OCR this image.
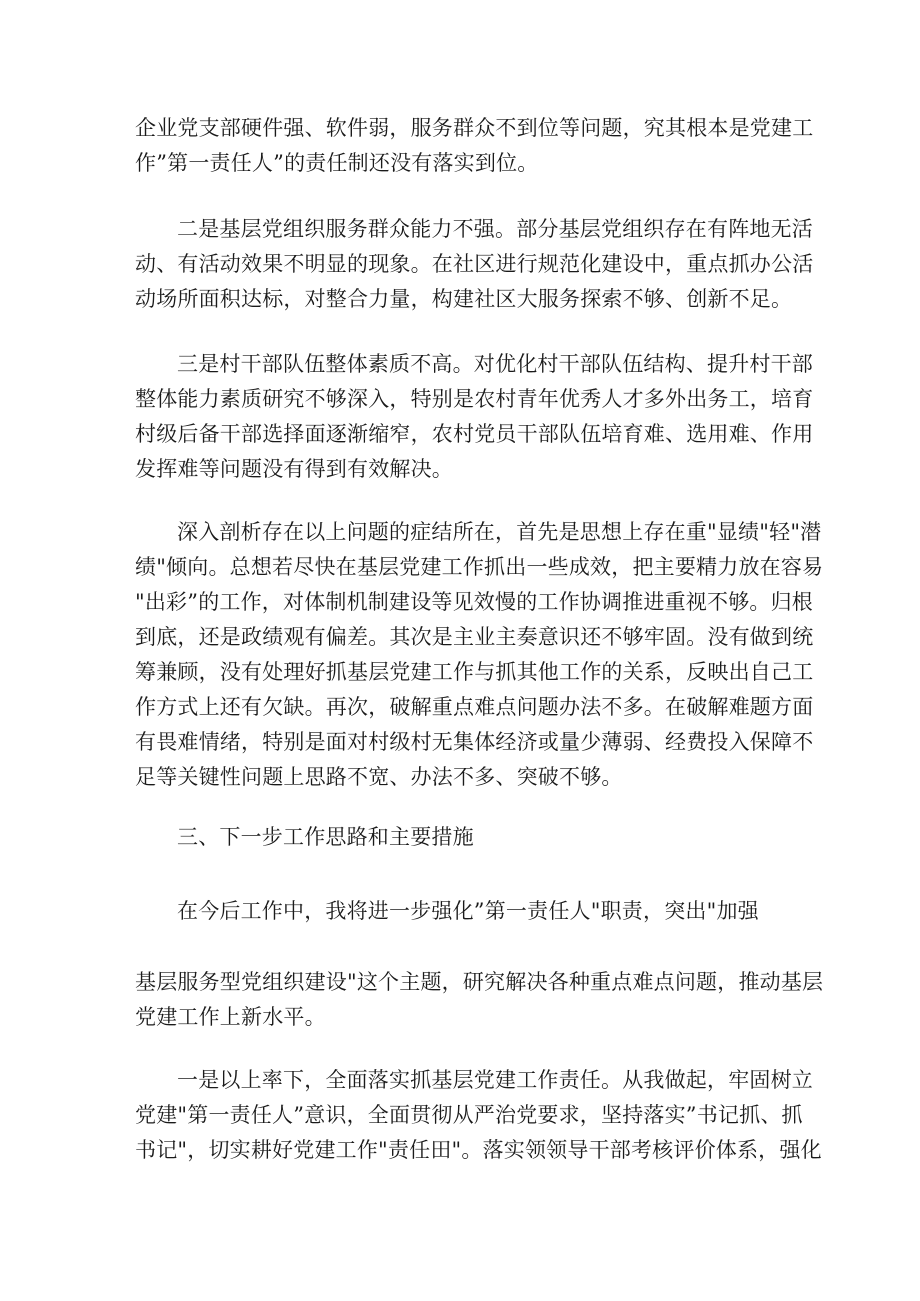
企业党支部硬件强、软件弱，服务群众不到位等问题，究其根本是党建工
作”第一责任人”的责任制还没有落实到位。

二是基层党组织服务群众能力不强。部分基层党组织存在有阵地无活
动、有活动效果不明显的现象。在社区进行规范化建设中，重点抓办公活
动场所面积达标，对整合力量，构建社区大服务探索不够、创新不足。

三是村干部队伍整体素质不高。对优化村干部队伍结构、提升村干部
整体能力素质研究不够深入，特别是农村青年优秀人才多外出务工，培育
村级后备干部选择面逐渐缩窄，农村党员干部队伍培育难、选用难、作用
发挥难等问题没有得到有效解决。

深入剖析存在以上问题的症结所在，首先是思想上存在重"显绩"轻"潜
绩"倾向。总想若尽快在基层党建工作抓出一些成效，把主要精力放在容易
"出彩”的工作，对体制机制建设等见效慢的工作协调推进重视不够。归根
到底，还是政绩观有偏差。其次是主业主奏意识还不够牢固。没有做到统
筹兼顾，没有处理好抓基层党建工作与抓其他工作的关系，反映出自己工
作方式上还有欠缺。再次，破解重点难点问题办法不多。在破解难题方面
有畏难情绪，特别是面对村级村无集体经济或量少薄弱、经费投入保障不
足等关键性问题上思路不宽、办法不多、突破不够。

三、下一步工作思路和主要措施

在今后工作中，我将进一步强化”第一责任人"职责，突出"加强

基层服务型党组织建设"这个主题，研究解决各种重点难点问题，推动基层
党建工作上新水平。

一是以上率下，全面落实抓基层党建工作责任。从我做起，牢固树立
党建"第一责任人”意识，全面贯彻从严治党要求，坚持落实”书记抓、抓
书记"，切实耕好党建工作"责任田"。落实领领导干部考核评价体系，强化
